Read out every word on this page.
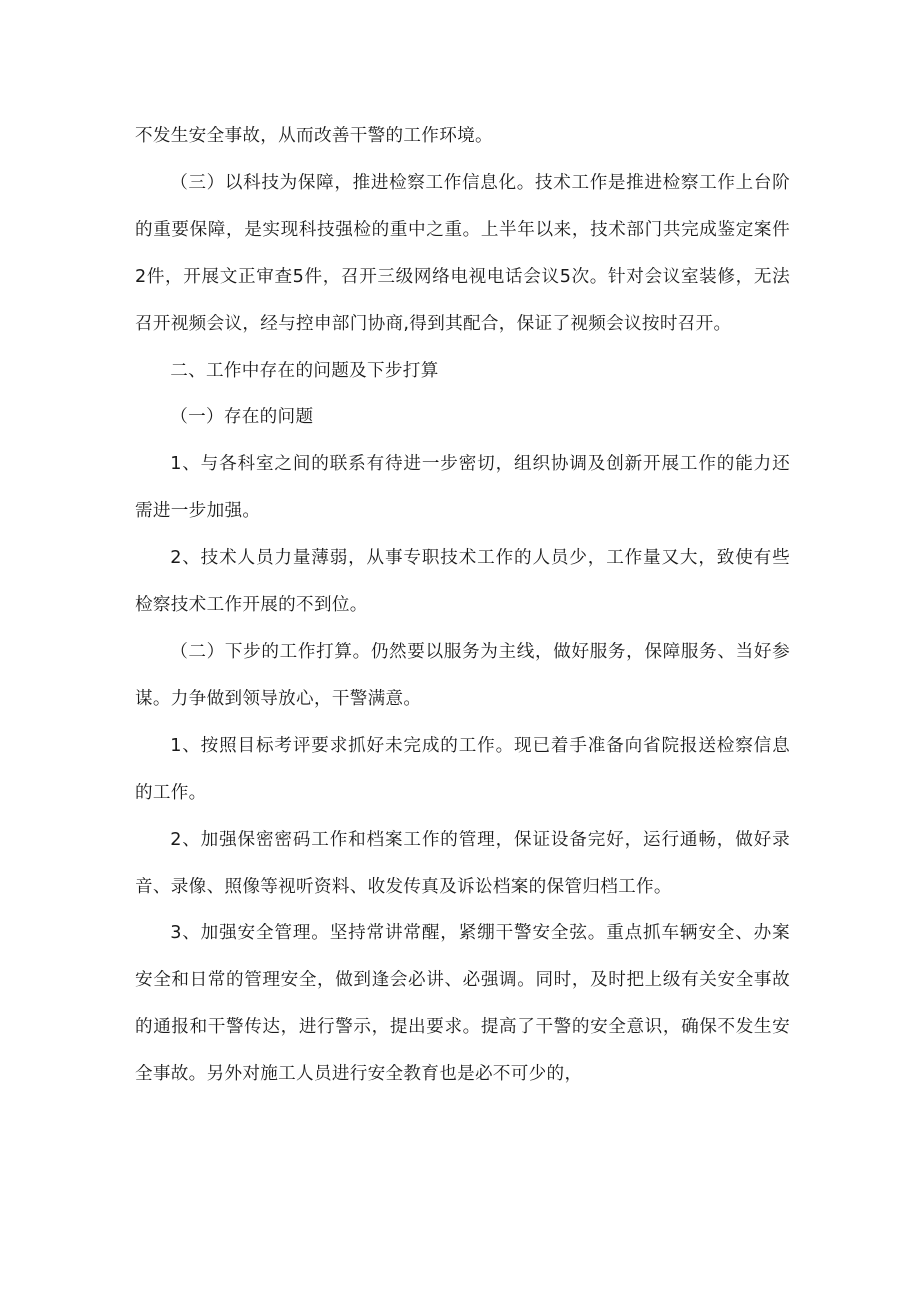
不发生安全事故，从而改善干警的工作环境。

（三）以科技为保障，推进检察工作信息化。技术工作是推进检察工作上台阶的重要保障，是实现科技强检的重中之重。上半年以来，技术部门共完成鉴定案件2件，开展文正审查5件，召开三级网络电视电话会议5次。针对会议室装修，无法召开视频会议，经与控申部门协商,得到其配合，保证了视频会议按时召开。

二、工作中存在的问题及下步打算

（一）存在的问题

1、与各科室之间的联系有待进一步密切，组织协调及创新开展工作的能力还需进一步加强。

2、技术人员力量薄弱，从事专职技术工作的人员少，工作量又大，致使有些检察技术工作开展的不到位。

（二）下步的工作打算。仍然要以服务为主线，做好服务，保障服务、当好参谋。力争做到领导放心，干警满意。

1、按照目标考评要求抓好未完成的工作。现已着手准备向省院报送检察信息的工作。

2、加强保密密码工作和档案工作的管理，保证设备完好，运行通畅，做好录音、录像、照像等视听资料、收发传真及诉讼档案的保管归档工作。

3、加强安全管理。坚持常讲常醒，紧绷干警安全弦。重点抓车辆安全、办案安全和日常的管理安全，做到逢会必讲、必强调。同时，及时把上级有关安全事故的通报和干警传达，进行警示，提出要求。提高了干警的安全意识，确保不发生安全事故。另外对施工人员进行安全教育也是必不可少的，
